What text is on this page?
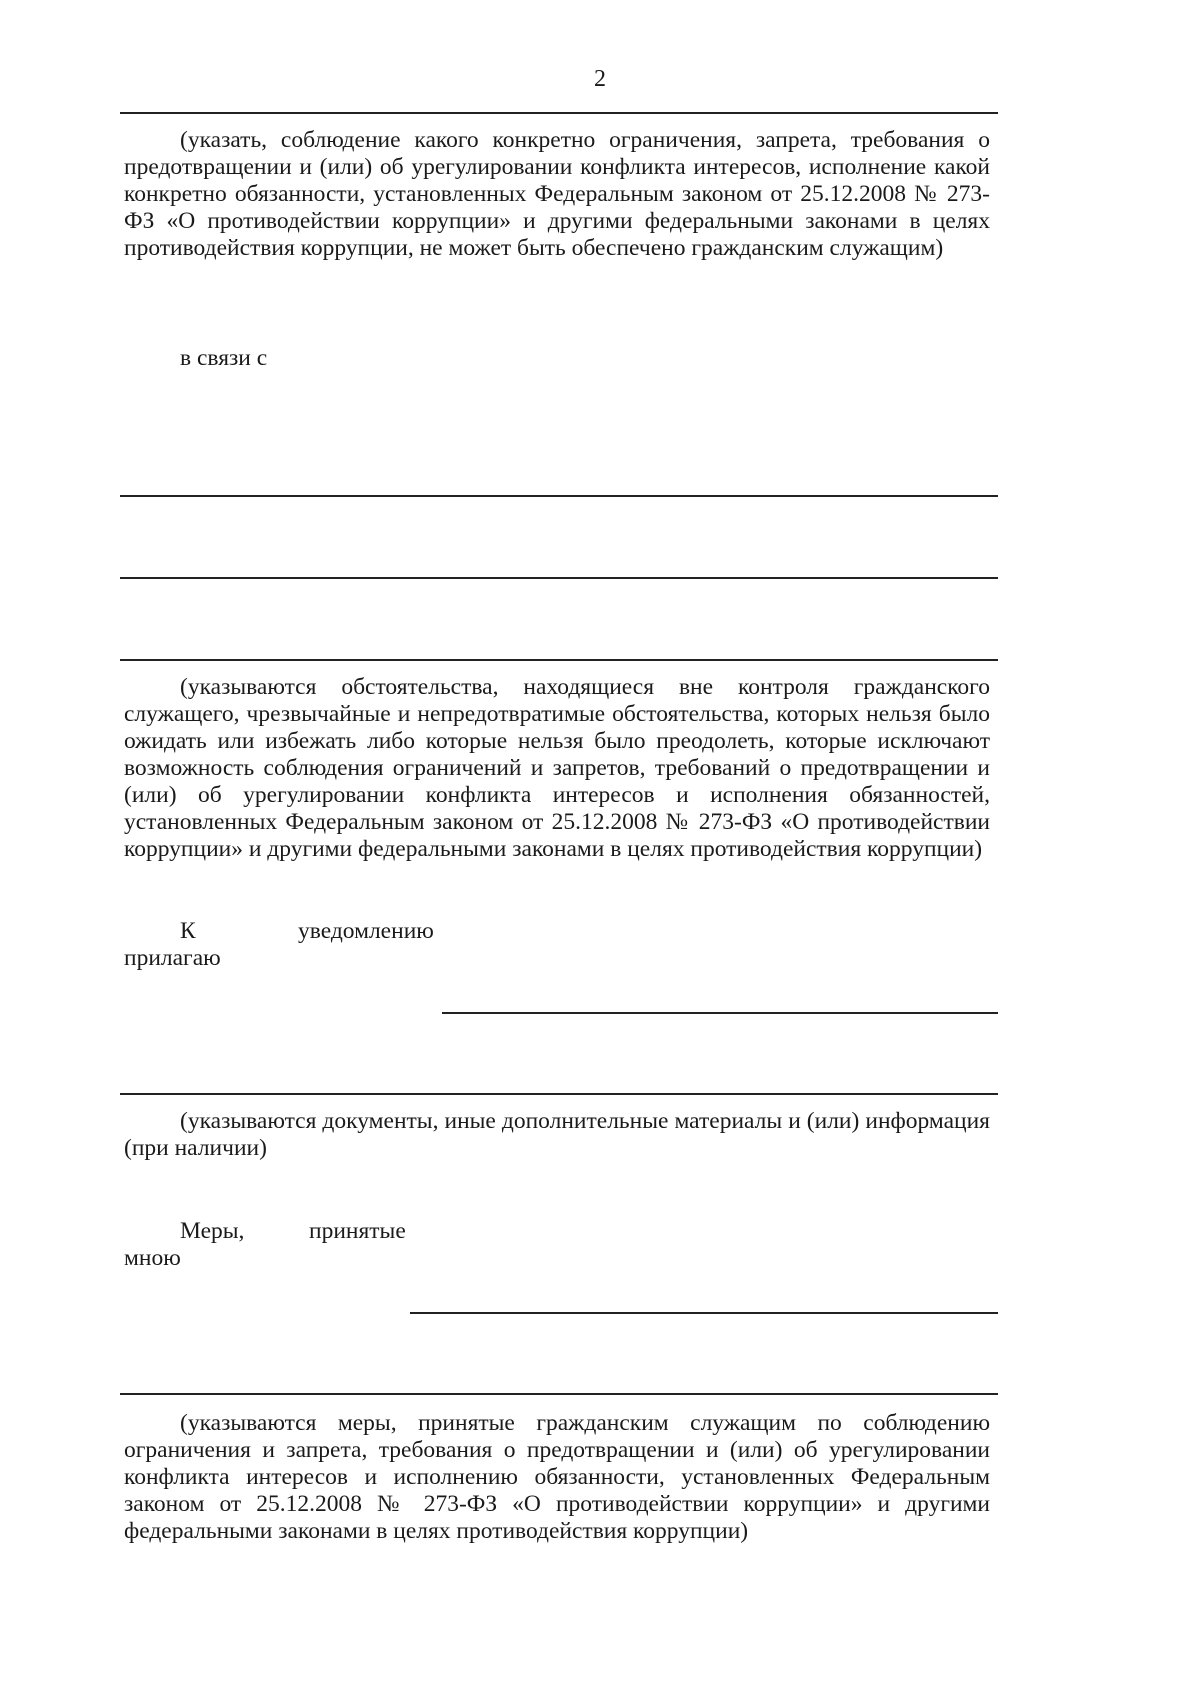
2
(указать, соблюдение какого конкретно ограничения, запрета, требования о предотвращении и (или) об урегулировании конфликта интересов, исполнение какой конкретно обязанности, установленных Федеральным законом от 25.12.2008 № 273-ФЗ «О противодействии коррупции» и другими федеральными законами в целях противодействия коррупции, не может быть обеспечено гражданским служащим)
в связи с
(указываются обстоятельства, находящиеся вне контроля гражданского служащего, чрезвычайные и непредотвратимые обстоятельства, которых нельзя было ожидать или избежать либо которые нельзя было преодолеть, которые исключают возможность соблюдения ограничений и запретов, требований о предотвращении и (или) об урегулировании конфликта интересов и исполнения обязанностей, установленных Федеральным законом от 25.12.2008 № 273-ФЗ «О противодействии коррупции» и другими федеральными законами в целях противодействия коррупции)
К	уведомлению
прилагаю
(указываются документы, иные дополнительные материалы и (или) информация (при наличии)
Меры,	принятые
мною
(указываются меры, принятые гражданским служащим по соблюдению ограничения и запрета, требования о предотвращении и (или) об урегулировании конфликта интересов и исполнению обязанности, установленных Федеральным законом от 25.12.2008 № 273-ФЗ «О противодействии коррупции» и другими федеральными законами в целях противодействия коррупции)
